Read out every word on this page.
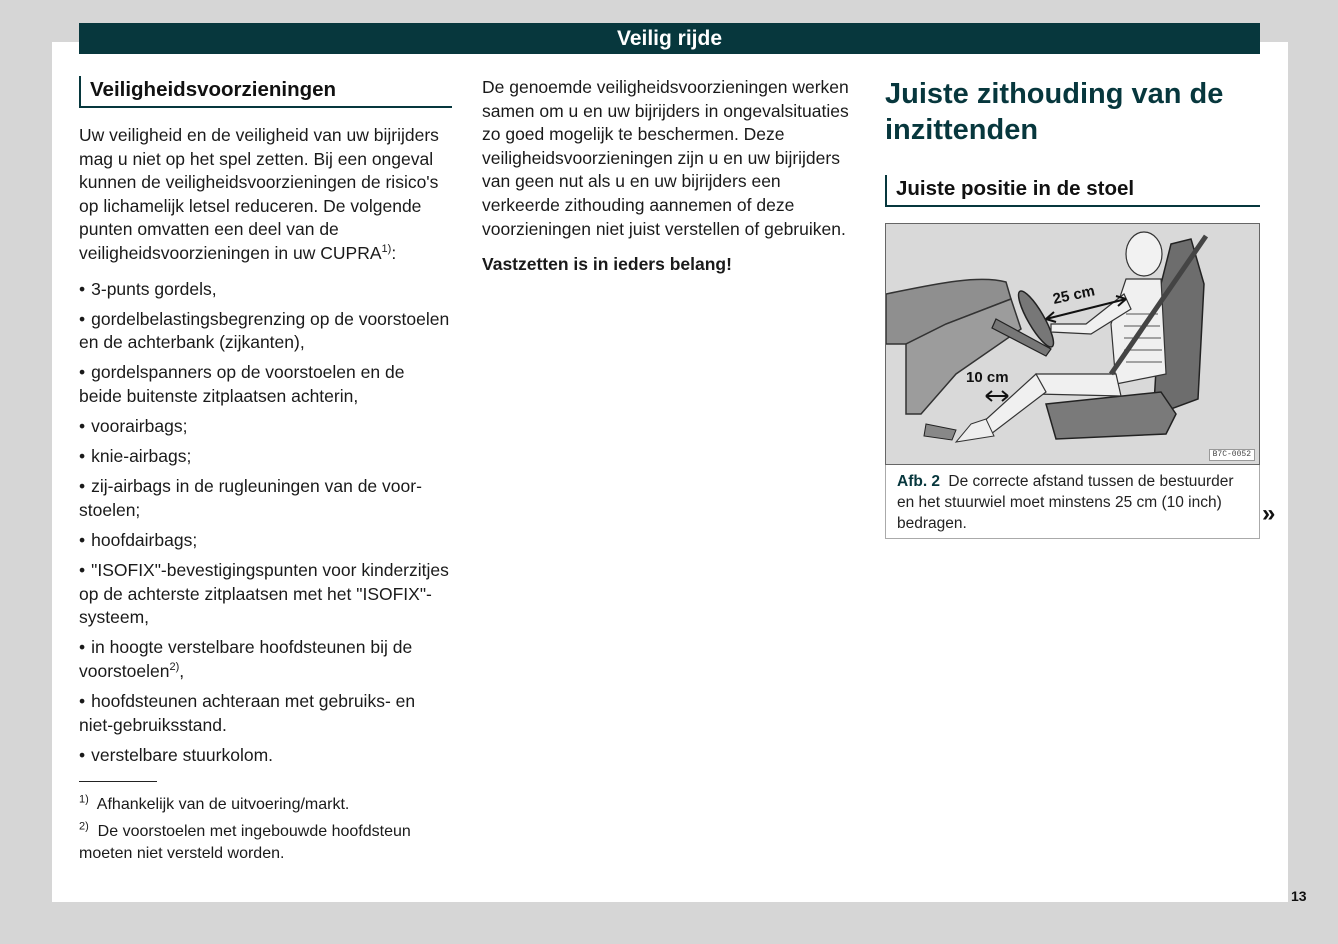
Veilig rijde
Veiligheidsvoorzieningen

Uw veiligheid en de veiligheid van uw bijrijders mag u niet op het spel zetten. Bij een ongeval kunnen de veiligheidsvoorzieningen de risico's op lichamelijk letsel reduceren. De volgende punten omvatten een deel van de veiligheidsvoorzieningen in uw CUPRA$^{1)}$:

• 3-punts gordels,
• gordelbelastingsbegrenzing op de voorstoelen en de achterbank (zijkanten),
• gordelspanners op de voorstoelen en de beide buitenste zitplaatsen achterin,
• voorairbags;
• knie-airbags;
• zij-airbags in de rugleuningen van de voorstoelen;
• hoofdairbags;
• "ISOFIX"-bevestigingspunten voor kinderzitjes op de achterste zitplaatsen met het "ISOFIX"-systeem,
• in hoogte verstelbare hoofdsteunen bij de voorstoelen$^{2)}$,
• hoofdsteunen achteraan met gebruiks- en niet-gebruiksstand.
• verstelbare stuurkolom.
$^{1)}$ Afhankelijk van de uitvoering/markt.
$^{2)}$ De voorstoelen met ingebouwde hoofdsteun moeten niet versteld worden.

De genoemde veiligheidsvoorzieningen werken samen om u en uw bijrijders in ongevalsituaties zo goed mogelijk te beschermen. Deze veiligheidsvoorzieningen zijn u en uw bijrijders van geen nut als u en uw bijrijders een verkeerde zithouding aannemen of deze voorzieningen niet juist verstellen of gebruiken.

Vastzetten is in ieders belang!

Juiste zithouding van de inzittenden
Juiste positie in de stoel
25 cm
10 cm
B7C-0052
Afb. 2 De correcte afstand tussen de bestuurder en het stuurwiel moet minstens 25 cm (10 inch) bedragen.	»
13
